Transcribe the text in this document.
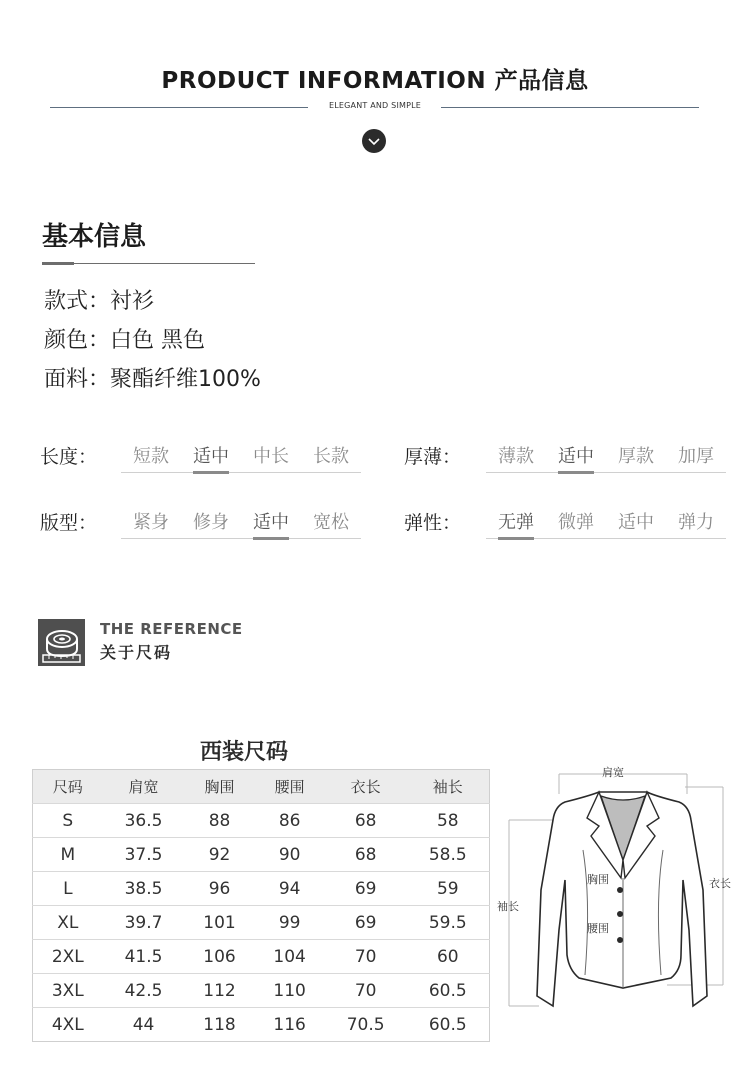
PRODUCT INFORMATION 产品信息
ELEGANT AND SIMPLE
基本信息
款式：衬衫
颜色：白色 黑色
面料：聚酯纤维100%
长度：	短款	适中	中长	长款	厚薄：	薄款	适中	厚款	加厚
版型：	紧身	修身	适中	宽松	弹性：	无弹	微弹	适中	弹力
THE REFERENCE
关于尺码
西装尺码
尺码	肩宽	胸围	腰围	衣长	袖长
S	36.5	88	86	68	58
M	37.5	92	90	68	58.5
L	38.5	96	94	69	59
XL	39.7	101	99	69	59.5
2XL	41.5	106	104	70	60
3XL	42.5	112	110	70	60.5
4XL	44	118	116	70.5	60.5
肩宽
胸围
腰围
袖长
衣长
